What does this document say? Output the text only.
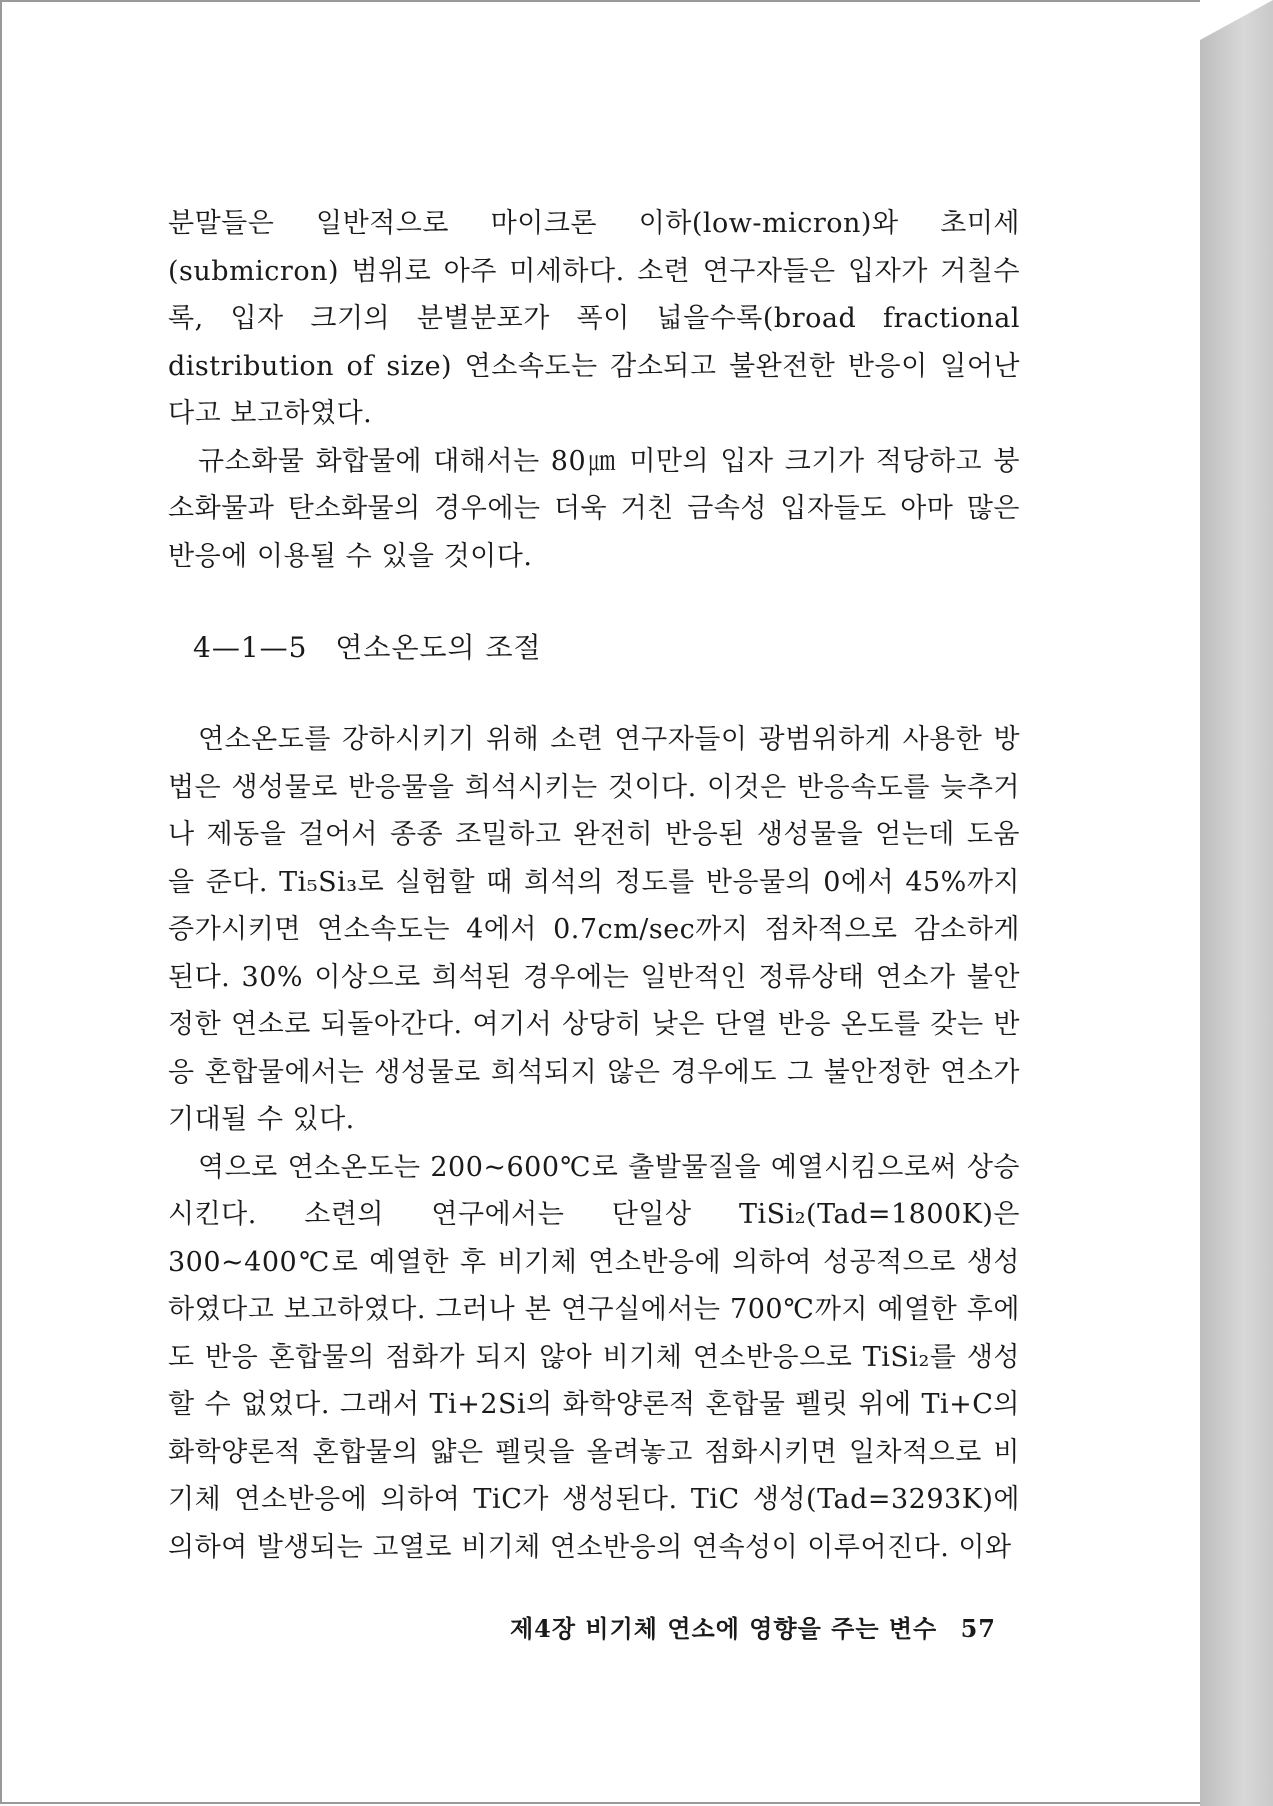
분말들은 일반적으로 마이크론 이하(low-micron)와 초미세(submicron) 범위로 아주 미세하다. 소련 연구자들은 입자가 거칠수록, 입자 크기의 분별분포가 폭이 넓을수록(broad fractional distribution of size) 연소속도는 감소되고 불완전한 반응이 일어난다고 보고하였다.

규소화물 화합물에 대해서는 80㎛ 미만의 입자 크기가 적당하고 붕소화물과 탄소화물의 경우에는 더욱 거친 금속성 입자들도 아마 많은 반응에 이용될 수 있을 것이다.

4—1—5 연소온도의 조절

연소온도를 강하시키기 위해 소련 연구자들이 광범위하게 사용한 방법은 생성물로 반응물을 희석시키는 것이다. 이것은 반응속도를 늦추거나 제동을 걸어서 종종 조밀하고 완전히 반응된 생성물을 얻는데 도움을 준다. Ti₅Si₃로 실험할 때 희석의 정도를 반응물의 0에서 45%까지 증가시키면 연소속도는 4에서 0.7cm/sec까지 점차적으로 감소하게 된다. 30% 이상으로 희석된 경우에는 일반적인 정류상태 연소가 불안정한 연소로 되돌아간다. 여기서 상당히 낮은 단열 반응 온도를 갖는 반응 혼합물에서는 생성물로 희석되지 않은 경우에도 그 불안정한 연소가 기대될 수 있다.

역으로 연소온도는 200~600℃로 출발물질을 예열시킴으로써 상승시킨다. 소련의 연구에서는 단일상 TiSi₂(Tad=1800K)은 300~400℃로 예열한 후 비기체 연소반응에 의하여 성공적으로 생성하였다고 보고하였다. 그러나 본 연구실에서는 700℃까지 예열한 후에도 반응 혼합물의 점화가 되지 않아 비기체 연소반응으로 TiSi₂를 생성할 수 없었다. 그래서 Ti+2Si의 화학양론적 혼합물 펠릿 위에 Ti+C의 화학양론적 혼합물의 얇은 펠릿을 올려놓고 점화시키면 일차적으로 비기체 연소반응에 의하여 TiC가 생성된다. TiC 생성(Tad=3293K)에 의하여 발생되는 고열로 비기체 연소반응의 연속성이 이루어진다. 이와

제4장 비기체 연소에 영향을 주는 변수 57
